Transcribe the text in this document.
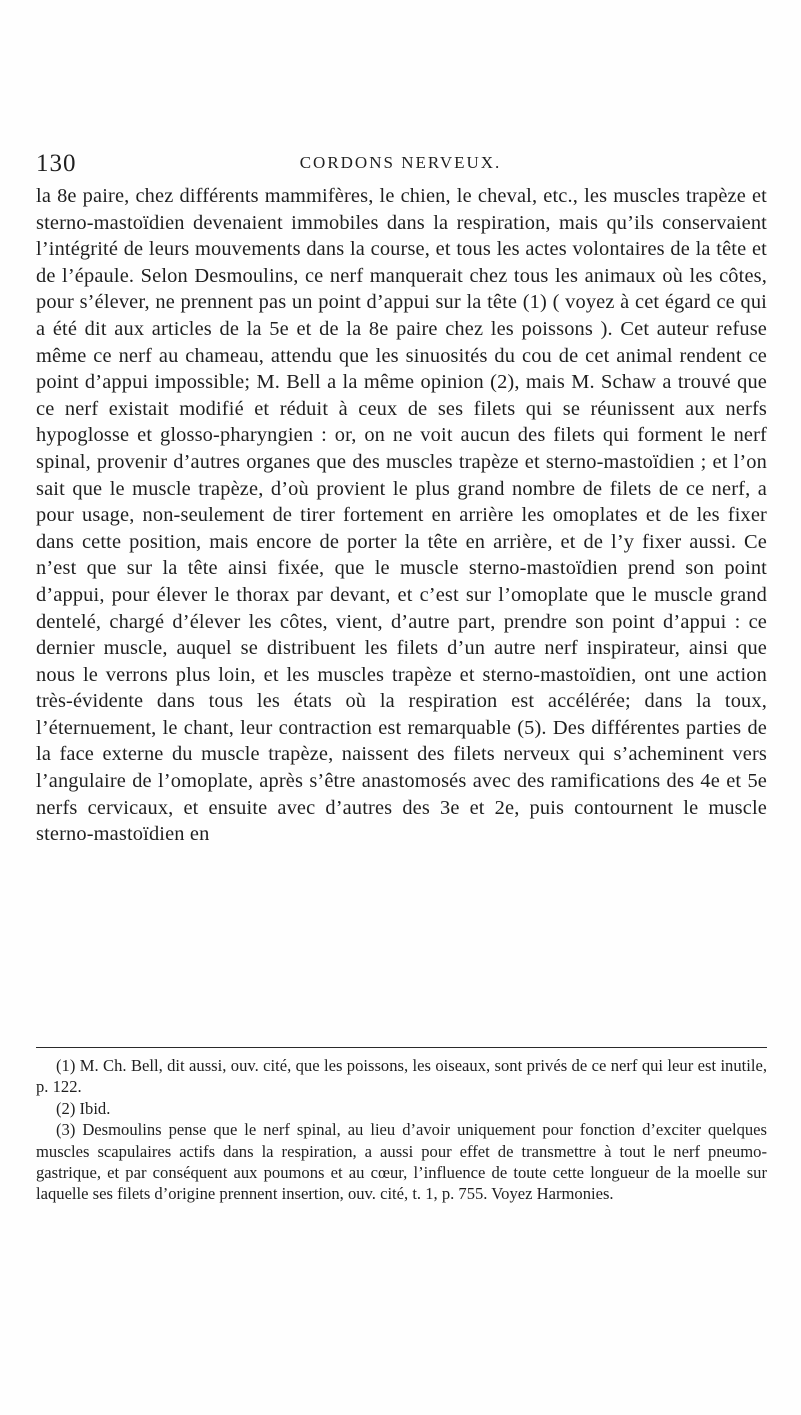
130	CORDONS NERVEUX.

la 8e paire, chez différents mammifères, le chien, le cheval, etc., les muscles trapèze et sterno-mastoïdien devenaient immobiles dans la respiration, mais qu’ils conservaient l’intégrité de leurs mouvements dans la course, et tous les actes volontaires de la tête et de l’épaule. Selon Desmoulins, ce nerf manquerait chez tous les animaux où les côtes, pour s’élever, ne prennent pas un point d’appui sur la tête (1) ( voyez à cet égard ce qui a été dit aux articles de la 5e et de la 8e paire chez les poissons ). Cet auteur refuse même ce nerf au chameau, attendu que les sinuosités du cou de cet animal rendent ce point d’appui impossible; M. Bell a la même opinion (2), mais M. Schaw a trouvé que ce nerf existait modifié et réduit à ceux de ses filets qui se réunissent aux nerfs hypoglosse et glosso-pharyngien : or, on ne voit aucun des filets qui forment le nerf spinal, provenir d’autres organes que des muscles trapèze et sterno-mastoïdien ; et l’on sait que le muscle trapèze, d’où provient le plus grand nombre de filets de ce nerf, a pour usage, non-seulement de tirer fortement en arrière les omoplates et de les fixer dans cette position, mais encore de porter la tête en arrière, et de l’y fixer aussi. Ce n’est que sur la tête ainsi fixée, que le muscle sterno-mastoïdien prend son point d’appui, pour élever le thorax par devant, et c’est sur l’omoplate que le muscle grand dentelé, chargé d’élever les côtes, vient, d’autre part, prendre son point d’appui : ce dernier muscle, auquel se distribuent les filets d’un autre nerf inspirateur, ainsi que nous le verrons plus loin, et les muscles trapèze et sterno-mastoïdien, ont une action très-évidente dans tous les états où la respiration est accélérée; dans la toux, l’éternuement, le chant, leur contraction est remarquable (5). Des différentes parties de la face externe du muscle trapèze, naissent des filets nerveux qui s’acheminent vers l’angulaire de l’omoplate, après s’être anastomosés avec des ramifications des 4e et 5e nerfs cervicaux, et ensuite avec d’autres des 3e et 2e, puis contournent le muscle sterno-mastoïdien en

(1) M. Ch. Bell, dit aussi, ouv. cité, que les poissons, les oiseaux, sont privés de ce nerf qui leur est inutile, p. 122.

(2) Ibid.

(3) Desmoulins pense que le nerf spinal, au lieu d’avoir uniquement pour fonction d’exciter quelques muscles scapulaires actifs dans la respiration, a aussi pour effet de transmettre à tout le nerf pneumo-gastrique, et par conséquent aux poumons et au cœur, l’influence de toute cette longueur de la moelle sur laquelle ses filets d’origine prennent insertion, ouv. cité, t. 1, p. 755. Voyez Harmonies.
